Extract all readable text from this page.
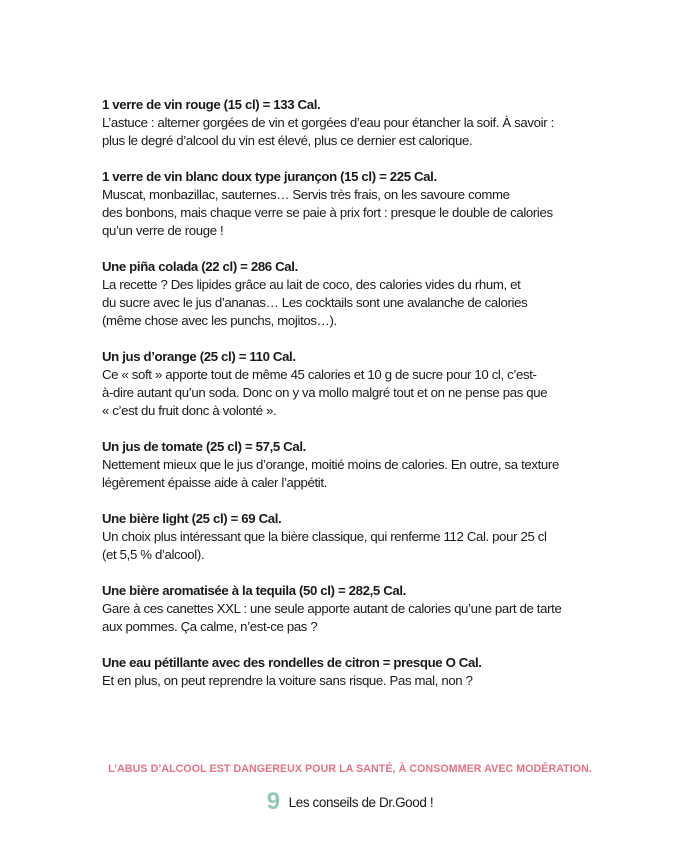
1 verre de vin rouge (15 cl) = 133 Cal.
L’astuce : alterner gorgées de vin et gorgées d’eau pour étancher la soif. À savoir :
plus le degré d’alcool du vin est élevé, plus ce dernier est calorique.
1 verre de vin blanc doux type jurançon (15 cl) = 225 Cal.
Muscat, monbazillac, sauternes… Servis très frais, on les savoure comme
des bonbons, mais chaque verre se paie à prix fort : presque le double de calories
qu’un verre de rouge !
Une piña colada (22 cl) = 286 Cal.
La recette ? Des lipides grâce au lait de coco, des calories vides du rhum, et
du sucre avec le jus d’ananas… Les cocktails sont une avalanche de calories
(même chose avec les punchs, mojitos…).
Un jus d’orange (25 cl) = 110 Cal.
Ce « soft » apporte tout de même 45 calories et 10 g de sucre pour 10 cl, c’est-
à-dire autant qu’un soda. Donc on y va mollo malgré tout et on ne pense pas que
« c’est du fruit donc à volonté ».
Un jus de tomate (25 cl) = 57,5 Cal.
Nettement mieux que le jus d’orange, moitié moins de calories. En outre, sa texture
légèrement épaisse aide à caler l’appétit.
Une bière light (25 cl) = 69 Cal.
Un choix plus intéressant que la bière classique, qui renferme 112 Cal. pour 25 cl
(et 5,5 % d’alcool).
Une bière aromatisée à la tequila (50 cl) = 282,5 Cal.
Gare à ces canettes XXL : une seule apporte autant de calories qu’une part de tarte
aux pommes. Ça calme, n’est-ce pas ?
Une eau pétillante avec des rondelles de citron = presque O Cal.
Et en plus, on peut reprendre la voiture sans risque. Pas mal, non ?
L’ABUS D’ALCOOL EST DANGEREUX POUR LA SANTÉ, À CONSOMMER AVEC MODÉRATION.
9 Les conseils de Dr.Good !
